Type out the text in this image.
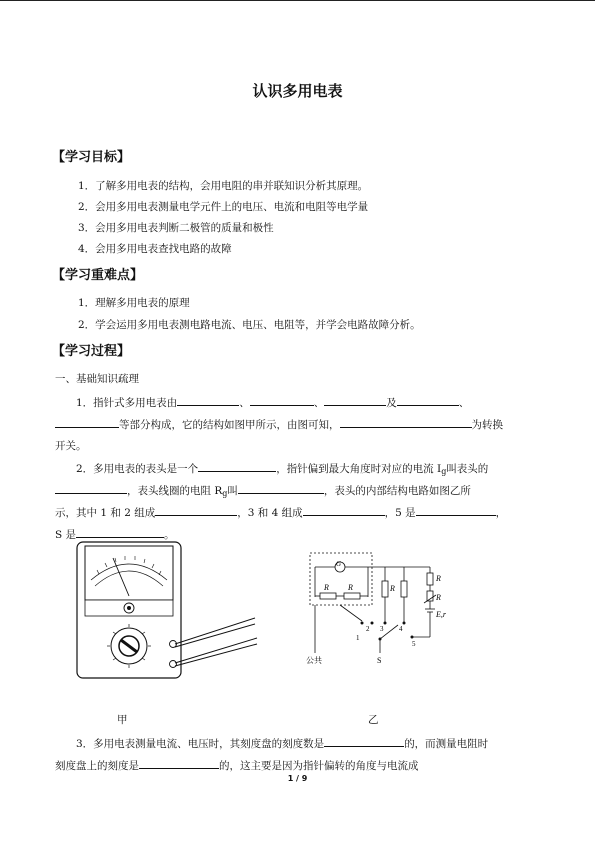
认识多用电表
【学习目标】
1．了解多用电表的结构，会用电阻的串并联知识分析其原理。
2．会用多用电表测量电学元件上的电压、电流和电阻等电学量
3．会用多用电表判断二极管的质量和极性
4．会用多用电表查找电路的故障
【学习重难点】
1．理解多用电表的原理
2．学会运用多用电表测电路电流、电压、电阻等，并学会电路故障分析。
【学习过程】
一、基础知识疏理
1．指针式多用电表由	、	、	及	、
等部分构成，它的结构如图甲所示，由图可知，	为转换
开关。
2．多用电表的表头是一个	，指针偏到最大角度时对应的电流 $I_g$叫表头的
，表头线圈的电阻 $R_g$叫	，表头的内部结构电路如图乙所
示，其中 1 和 2 组成	，3 和 4 组成	，5 是	，
S 是	。
G
R R	R
R
R
E,r
1
2 3 4
5
公共	S
甲	乙
3．多用电表测量电流、电压时，其刻度盘的刻度数是	的，而测量电阻时
刻度盘上的刻度是	的，这主要是因为指针偏转的角度与电流成
1 / 9
